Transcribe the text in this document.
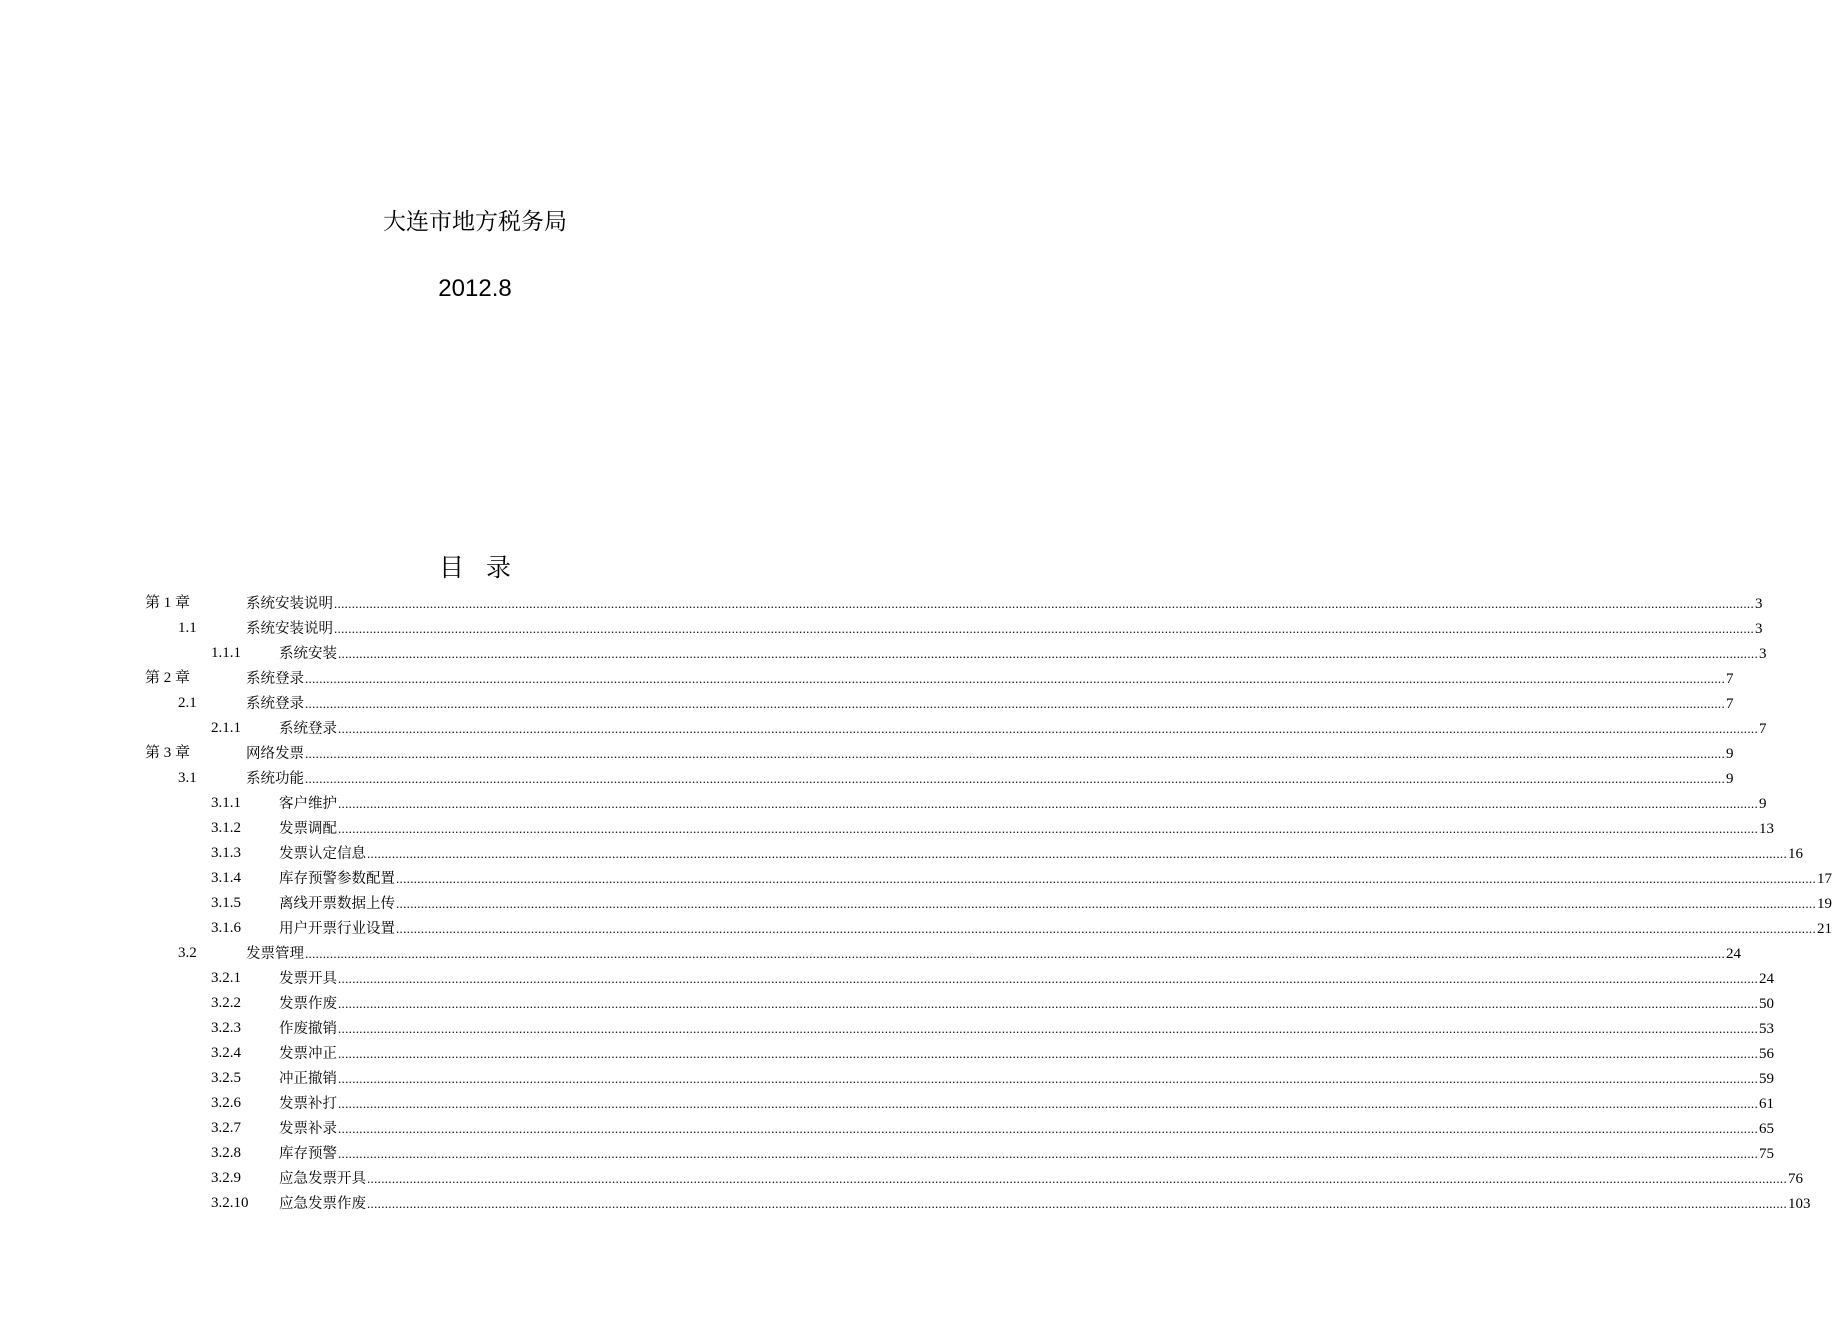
大连市地方税务局
2012.8
目录
第 1 章	系统安装说明 ................................................................................................................................................................................................................................................................................................................................................................................................................ 3
1.1	系统安装说明 ................................................................................................................................................................................................................................................................................................................................................................................................................ 3
1.1.1	系统安装 ................................................................................................................................................................................................................................................................................................................................................................................................................ 3
第 2 章	系统登录 ................................................................................................................................................................................................................................................................................................................................................................................................................ 7
2.1	系统登录 ................................................................................................................................................................................................................................................................................................................................................................................................................ 7
2.1.1	系统登录 ................................................................................................................................................................................................................................................................................................................................................................................................................ 7
第 3 章	网络发票 ................................................................................................................................................................................................................................................................................................................................................................................................................ 9
3.1	系统功能 ................................................................................................................................................................................................................................................................................................................................................................................................................ 9
3.1.1	客户维护 ................................................................................................................................................................................................................................................................................................................................................................................................................ 9
3.1.2	发票调配 ................................................................................................................................................................................................................................................................................................................................................................................................................ 13
3.1.3	发票认定信息 ................................................................................................................................................................................................................................................................................................................................................................................................................ 16
3.1.4	库存预警参数配置 ................................................................................................................................................................................................................................................................................................................................................................................................................ 17
3.1.5	离线开票数据上传 ................................................................................................................................................................................................................................................................................................................................................................................................................ 19
3.1.6	用户开票行业设置 ................................................................................................................................................................................................................................................................................................................................................................................................................ 21
3.2	发票管理 ................................................................................................................................................................................................................................................................................................................................................................................................................ 24
3.2.1	发票开具 ................................................................................................................................................................................................................................................................................................................................................................................................................ 24
3.2.2	发票作废 ................................................................................................................................................................................................................................................................................................................................................................................................................ 50
3.2.3	作废撤销 ................................................................................................................................................................................................................................................................................................................................................................................................................ 53
3.2.4	发票冲正 ................................................................................................................................................................................................................................................................................................................................................................................................................ 56
3.2.5	冲正撤销 ................................................................................................................................................................................................................................................................................................................................................................................................................ 59
3.2.6	发票补打 ................................................................................................................................................................................................................................................................................................................................................................................................................ 61
3.2.7	发票补录 ................................................................................................................................................................................................................................................................................................................................................................................................................ 65
3.2.8	库存预警 ................................................................................................................................................................................................................................................................................................................................................................................................................ 75
3.2.9	应急发票开具 ................................................................................................................................................................................................................................................................................................................................................................................................................ 76
3.2.10 应急发票作废 ................................................................................................................................................................................................................................................................................................................................................................................................................ 103
